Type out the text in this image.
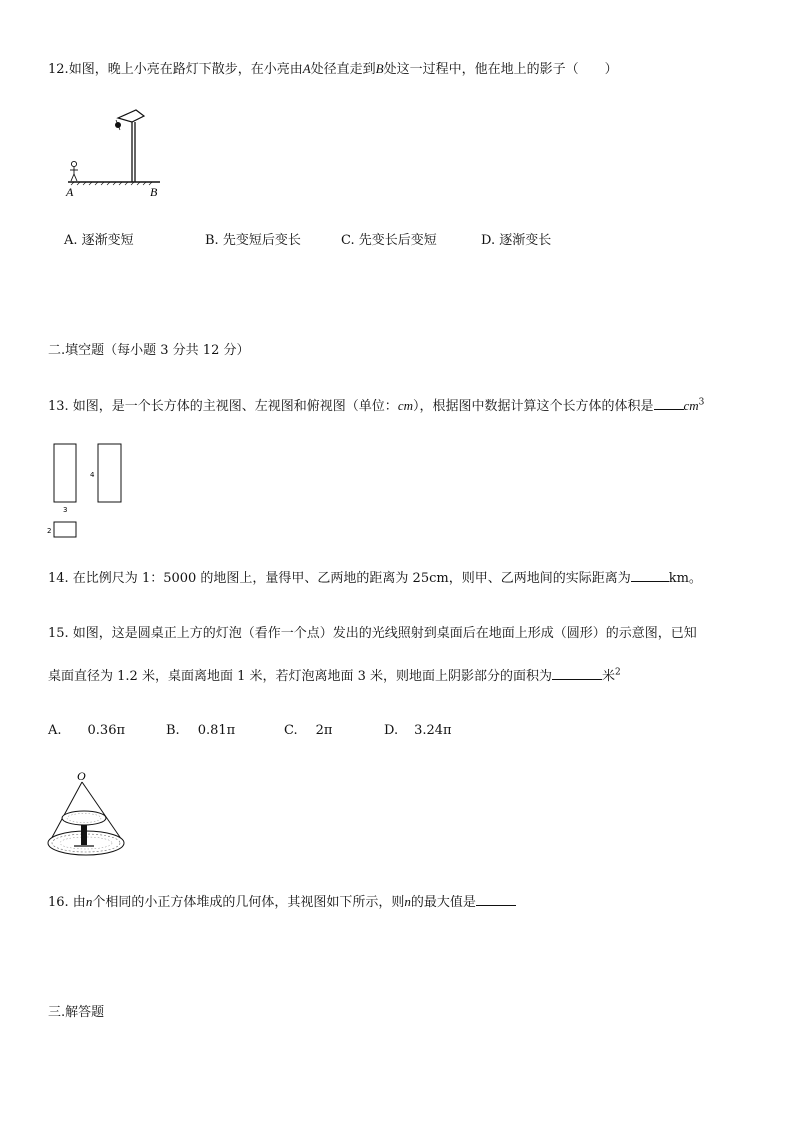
12.如图，晚上小亮在路灯下散步，在小亮由A处径直走到B处这一过程中，他在地上的影子（　　）
A	B
A. 逐渐变短	B. 先变短后变长	C. 先变长后变短	D. 逐渐变长
二.填空题（每小题 3 分共 12 分）
13. 如图，是一个长方体的主视图、左视图和俯视图（单位：cm），根据图中数据计算这个长方体的体积是 $cm^3$
4
3
2
14. 在比例尺为 1：5000 的地图上，量得甲、乙两地的距离为 25cm，则甲、乙两地间的实际距离为	km。
15. 如图，这是圆桌正上方的灯泡（看作一个点）发出的光线照射到桌面后在地面上形成（圆形）的示意图，已知
桌面直径为 1.2 米，桌面离地面 1 米，若灯泡离地面 3 米，则地面上阴影部分的面积为	米$^2$
A. 0.36π	B. 0.81π	C. 2π	D. 3.24π
O
16. 由n个相同的小正方体堆成的几何体，其视图如下所示，则n的最大值是
三.解答题
